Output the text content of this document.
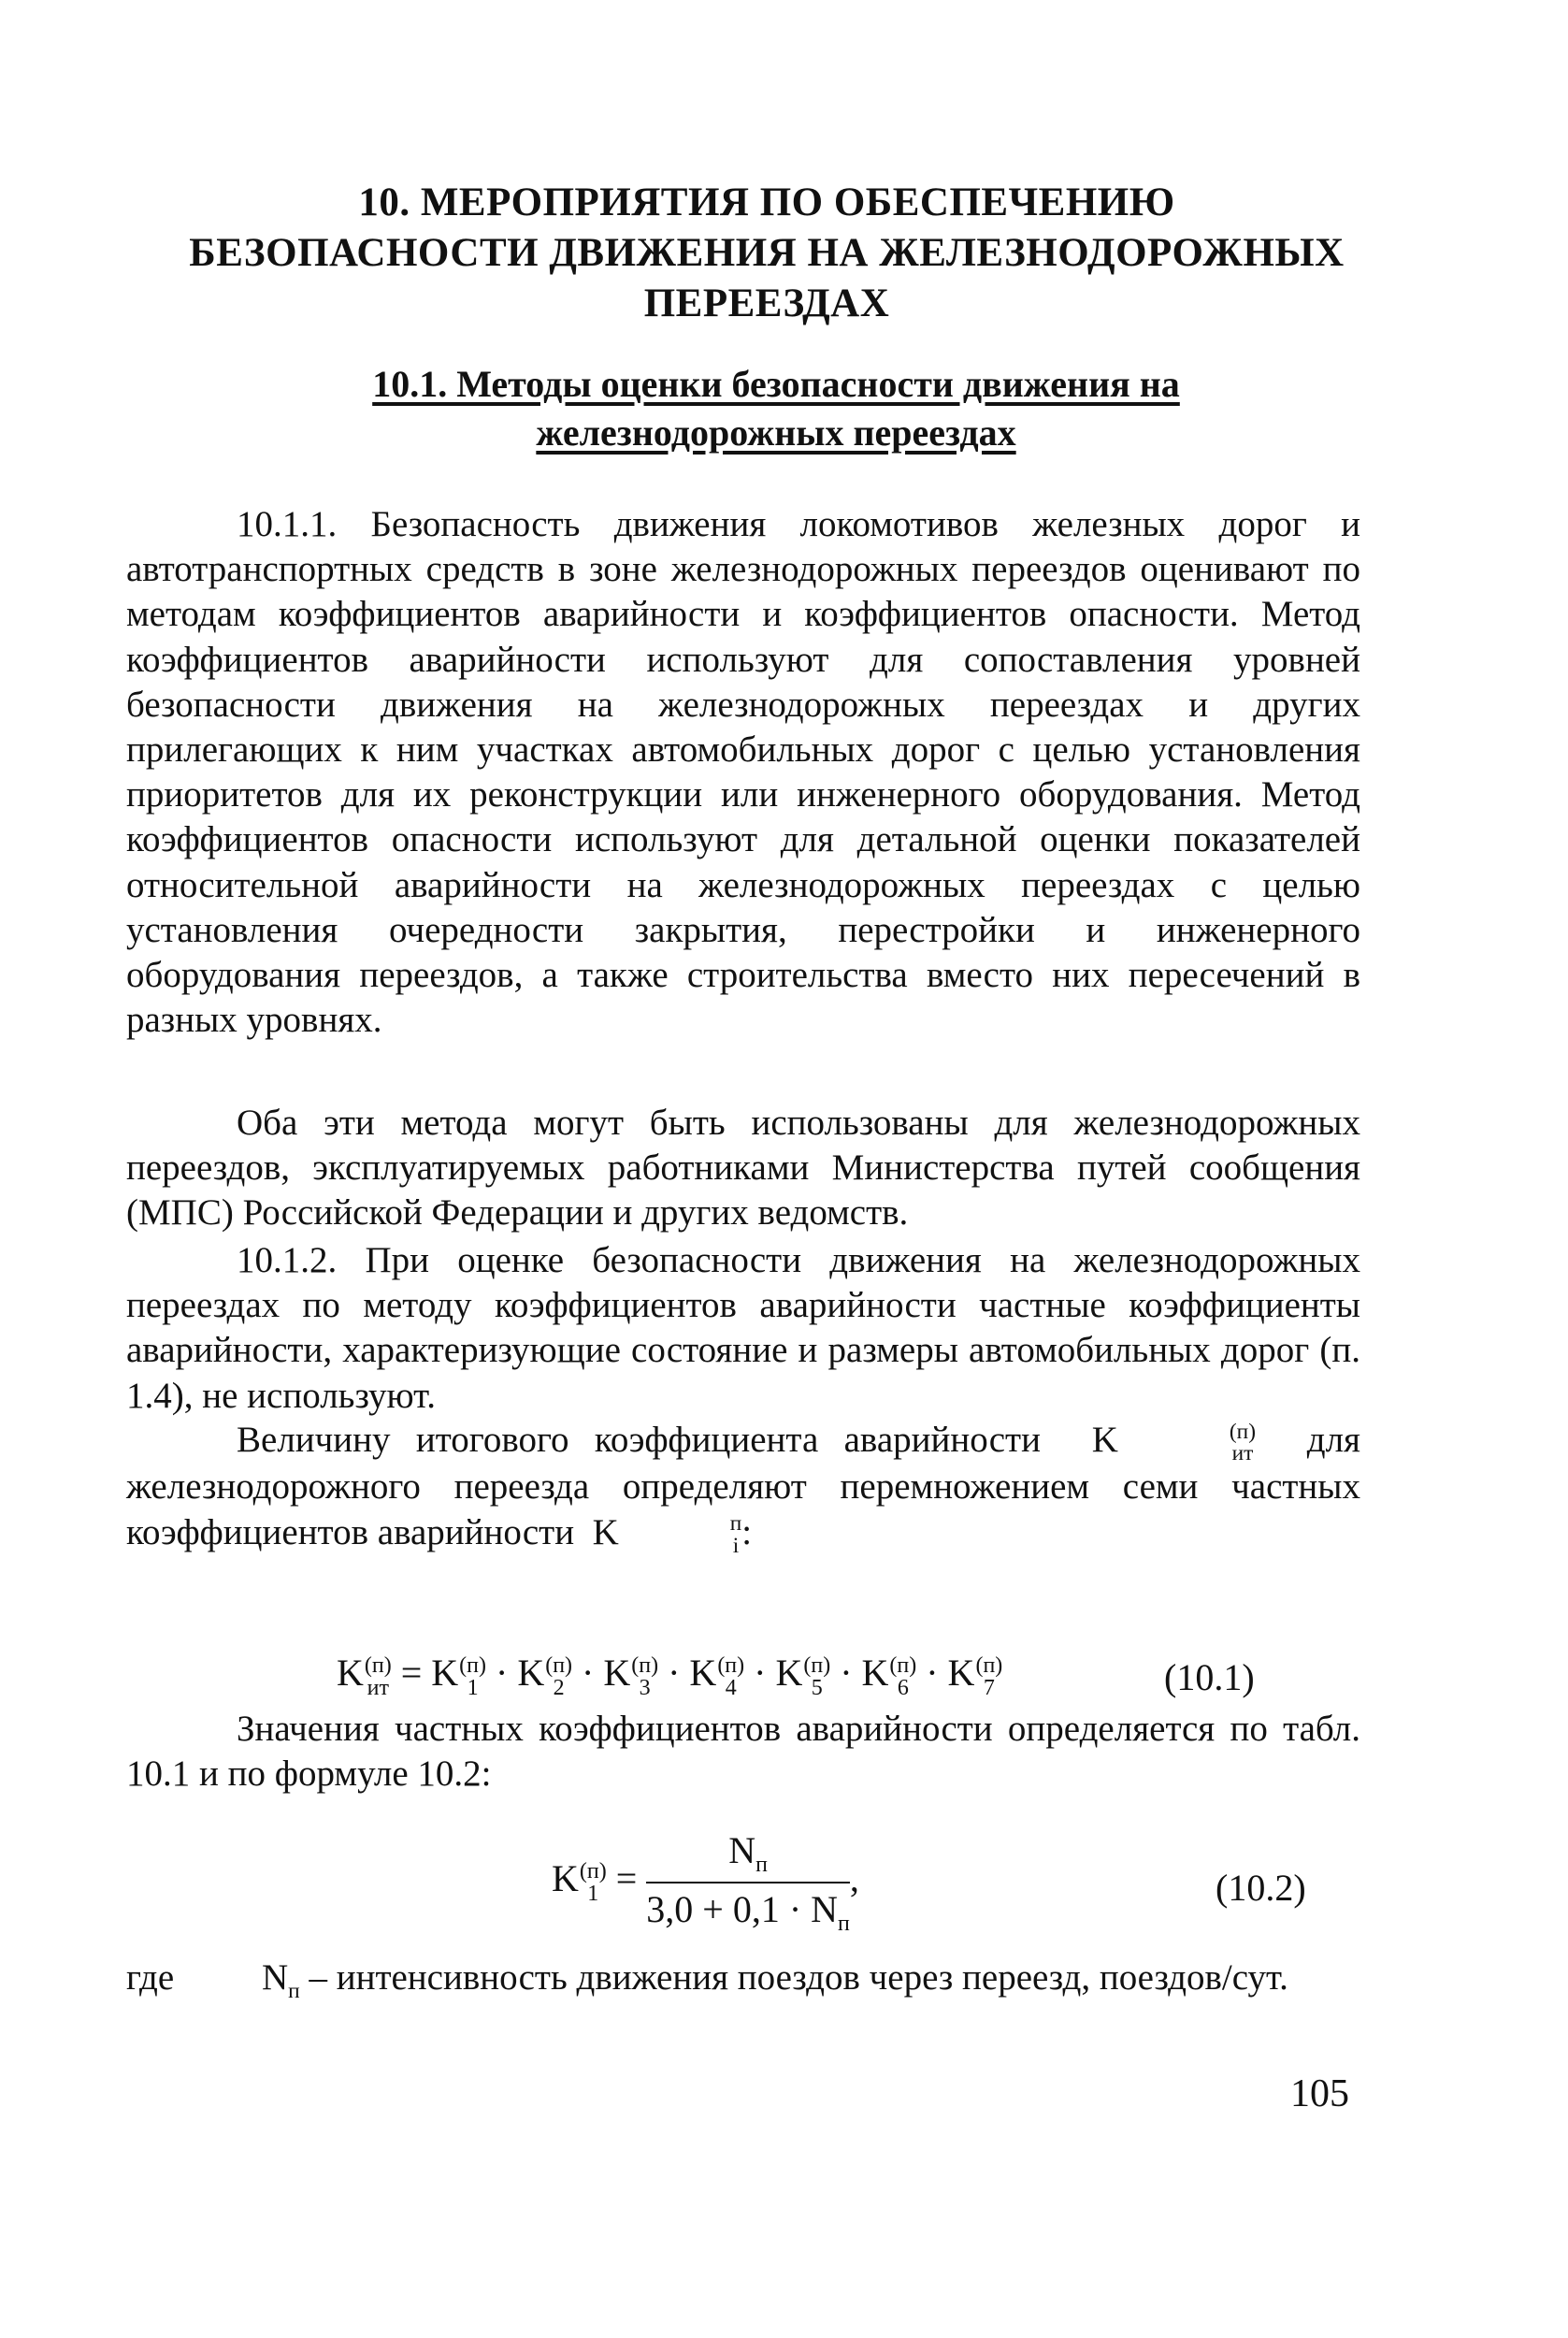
10. МЕРОПРИЯТИЯ ПО ОБЕСПЕЧЕНИЮ
БЕЗОПАСНОСТИ ДВИЖЕНИЯ НА ЖЕЛЕЗНОДОРОЖНЫХ
ПЕРЕЕЗДАХ
10.1. Методы оценки безопасности движения на
железнодорожных переездах

10.1.1. Безопасность движения локомотивов железных дорог и автотранспортных средств в зоне железнодорожных переездов оценивают по методам коэффициентов аварийности и коэффициентов опасности. Метод коэффициентов аварийности используют для сопоставления уровней безопасности движения на железнодорожных переездах и других прилегающих к ним участках автомобильных дорог с целью установления приоритетов для их реконструкции или инженерного оборудования. Метод коэффициентов опасности используют для детальной оценки показателей относительной аварийности на железнодорожных переездах с целью установления очередности закрытия, перестройки и инженерного оборудования переездов, а также строительства вместо них пересечений в разных уровнях.

Оба эти метода могут быть использованы для железнодорожных переездов, эксплуатируемых работниками Министерства путей сообщения (МПС) Российской Федерации и других ведомств.

10.1.2. При оценке безопасности движения на железнодорожных переездах по методу коэффициентов аварийности частные коэффициенты аварийности, характеризующие состояние и размеры автомобильных дорог (п. 1.4), не используют.

Величину итогового коэффициента аварийности  K	(п)
ит для железнодорожного переезда определяют перемножением семи частных коэффициентов аварийности  K	п
i :

K (п)
ит = K (п)
1 · K (п)
2 · K (п)
3 · K (п)
4 · K (п)
5 · K (п)
6 · K (п)
7	(10.1)

Значения частных коэффициентов аварийности определяется по табл. 10.1 и по формуле 10.2:

K (п)
$1 = \frac{N_п}{3,0 + 0,1 \cdot N_п}$ ,	(10.2)
где $N_п$ – интенсивность движения поездов через переезд, поездов/сут.
105
